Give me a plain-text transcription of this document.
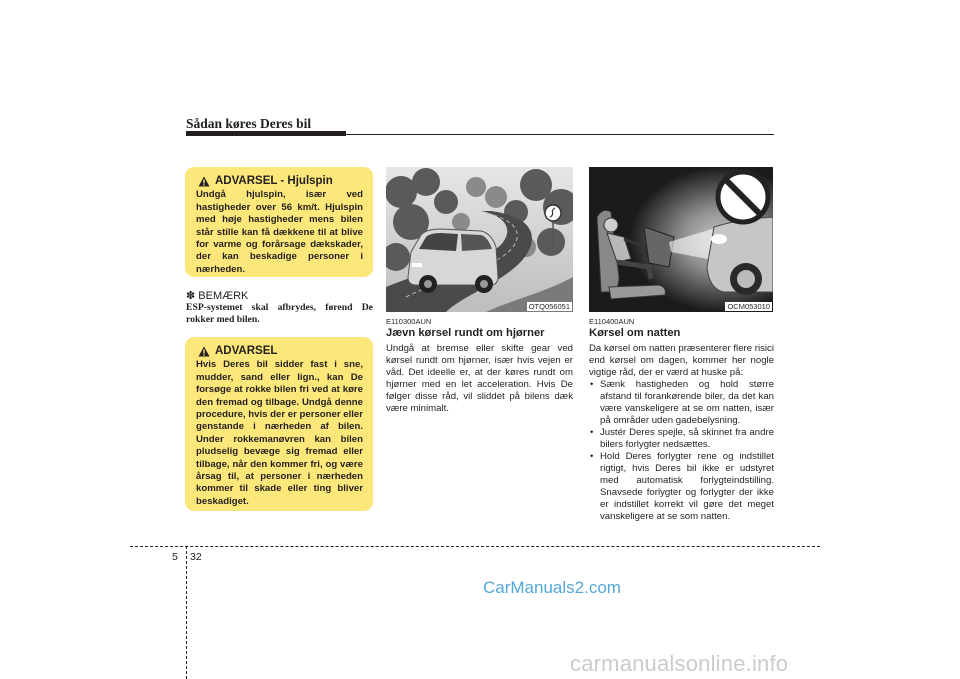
Sådan køres Deres bil
ADVARSEL - Hjulspin
Undgå hjulspin, især ved hastigheder over 56 km/t. Hjulspin med høje hastigheder mens bilen står stille kan få dækkene til at blive for varme og forårsage dækskader, der kan beskadige personer i nærheden.
✽ BEMÆRK
ESP-systemet skal afbrydes, førend De rokker med bilen.
ADVARSEL
Hvis Deres bil sidder fast i sne, mudder, sand eller lign., kan De forsøge at rokke bilen fri ved at køre den fremad og tilbage. Undgå denne procedure, hvis der er personer eller genstande i nærheden af bilen. Under rokkemanøvren kan bilen pludselig bevæge sig fremad eller tilbage, når den kommer fri, og være årsag til, at personer i nærheden kommer til skade eller ting bliver beskadiget.
OTQ056051
E110300AUN
Jævn kørsel rundt om hjørner
Undgå at bremse eller skifte gear ved kørsel rundt om hjørner, især hvis vejen er våd. Det ideelle er, at der køres rundt om hjørner med en let acceleration. Hvis De følger disse råd, vil sliddet på bilens dæk være minimalt.
OCM053010
E110400AUN
Kørsel om natten
Da kørsel om natten præsenterer flere risici end kørsel om dagen, kommer her nogle vigtige råd, der er værd at huske på:
• Sænk hastigheden og hold større afstand til forankørende biler, da det kan være vanskeligere at se om natten, især på områder uden gadebelysning.
• Justér Deres spejle, så skinnet fra andre bilers forlygter nedsættes.
• Hold Deres forlygter rene og indstillet rigtigt, hvis Deres bil ikke er udstyret med automatisk forlygteindstilling. Snavsede forlygter og forlygter der ikke er indstillet korrekt vil gøre det meget vanskeligere at se som natten.
5 32
CarManuals2.com
carmanualsonline.info
